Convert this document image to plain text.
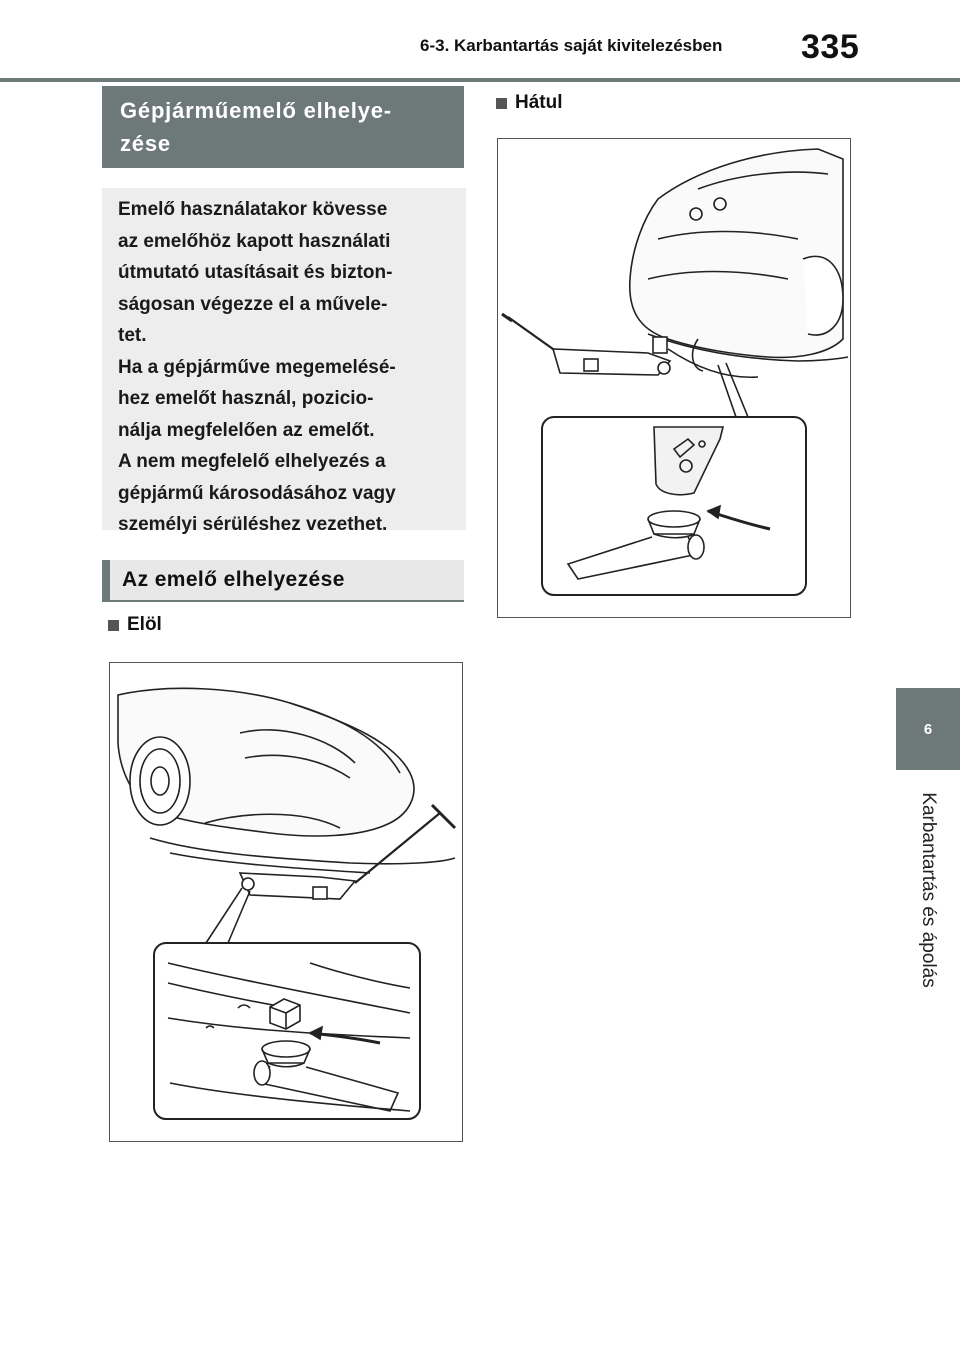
6-3. Karbantartás saját kivitelezésben 335
6
Karbantartás és ápolás
Gépjárműemelő elhelye-
zése

Emelő használatakor kövesse

az emelőhöz kapott használati

útmutató utasításait és bizton-

ságosan végezze el a művele-

tet.

Ha a gépjárműve megemelésé-

hez emelőt használ, pozicio-

nálja megfelelően az emelőt.

A nem megfelelő elhelyezés a

gépjármű károsodásához vagy

személyi sérüléshez vezethet.

Az emelő elhelyezése
Elöl
Hátul
